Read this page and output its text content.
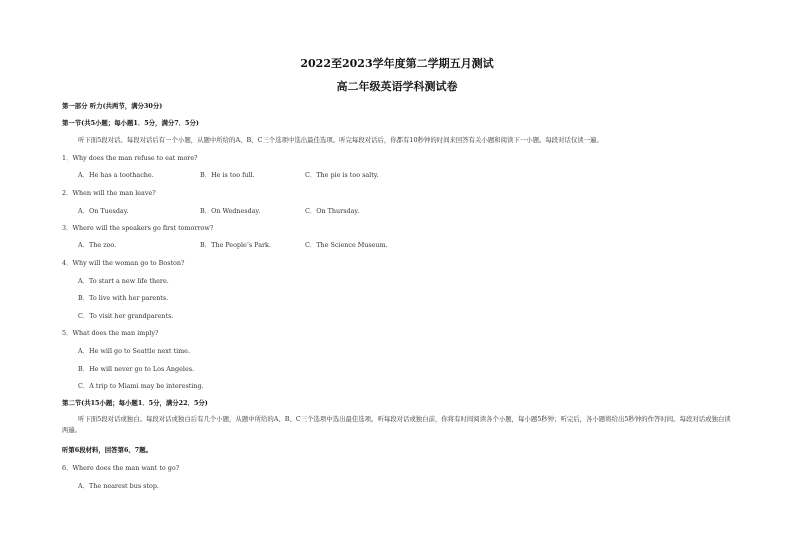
2022至2023学年度第二学期五月测试
高二年级英语学科测试卷
第一部分 听力(共两节，满分30分)
第一节(共5小题；每小题1．5分，满分7．5分)
听下面5段对话。每段对话后有一个小题，从题中所给的A、B、C三个选项中选出最佳选项。听完每段对话后，你都有10秒钟的时间来回答有关小题和阅读下一小题。每段对话仅读一遍。
1．Why does the man refuse to eat more?
A．He has a toothache.	B．He is too full.	C．The pie is too salty.
2．When will the man leave?
A．On Tuesday.	B．On Wednesday.	C．On Thursday.
3．Where will the speakers go first tomorrow?
A．The zoo.	B．The People’s Park.	C．The Science Museum.
4．Why will the woman go to Boston?
A．To start a new life there.
B．To live with her parents.
C．To visit her grandparents.
5．What does the man imply?
A．He will go to Seattle next time.
B．He will never go to Los Angeles.
C．A trip to Miami may be interesting.
第二节(共15小题；每小题1．5分，满分22．5分)
听下面5段对话或独白。每段对话或独白后有几个小题，从题中所给的A、B、C三个选项中选出最佳选项。听每段对话或独白前，你将有时间阅读各个小题，每小题5秒钟；听完后，各小题将给出5秒钟的作答时间。每段对话或独白读两遍。
听第6段材料，回答第6、7题。
6．Where does the man want to go?
A．The nearest bus stop.
